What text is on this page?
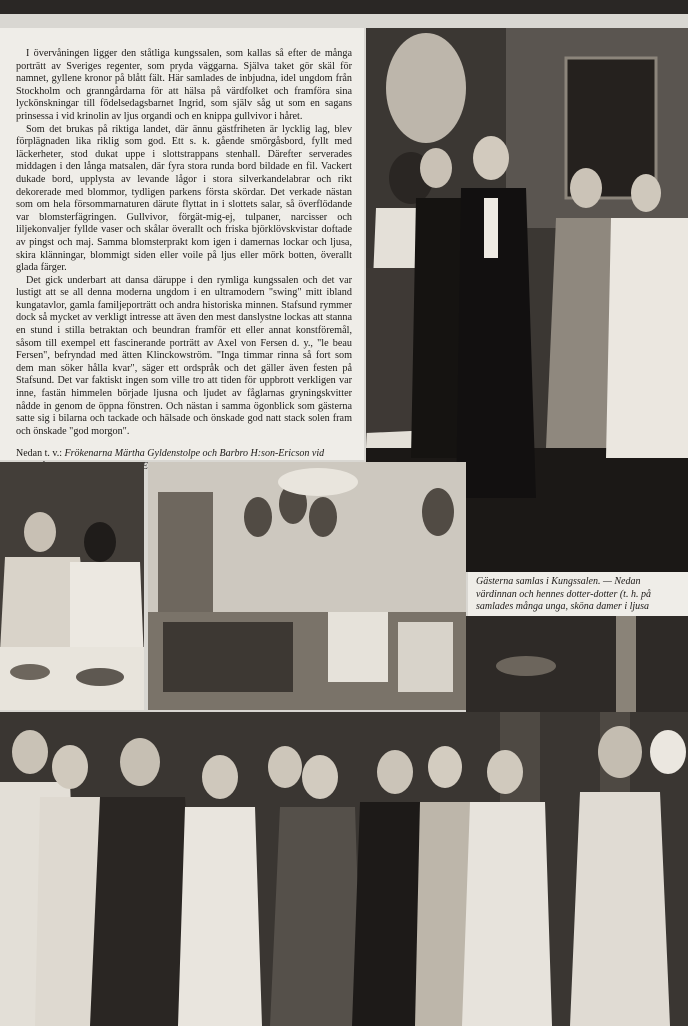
I övervåningen ligger den ståtliga kungssalen, som kallas så efter de många porträtt av Sveriges regenter, som pryda väggarna. Själva taket gör skäl för namnet, gyllene kronor på blått fält. Här samlades de inbjudna, idel ungdom från Stockholm och granngårdarna för att hälsa på värdfolket och framföra sina lyckönskningar till födelsedagsbarnet Ingrid, som själv såg ut som en sagans prinsessa i vid krinolin av ljus organdi och en knippa gullvivor i håret.

Som det brukas på riktiga landet, där ännu gästfriheten är lycklig lag, blev förplägnaden lika riklig som god. Ett s. k. gående smörgåsbord, fyllt med läckerheter, stod dukat uppe i slottstrappans stenhall. Därefter serverades middagen i den långa matsalen, där fyra stora runda bord bildade en fil. Vackert dukade bord, upplysta av levande lågor i stora silverkandelabrar och rikt dekorerade med blommor, tydligen parkens första skördar. Det verkade nästan som om hela försommarnaturen därute flyttat in i slottets salar, så överflödande var blomsterfägringen. Gullvivor, förgät-mig-ej, tulpaner, narcisser och liljekonvaljer fyllde vaser och skålar överallt och friska björklövskvistar doftade av pingst och maj. Samma blomsterprakt kom igen i damernas lockar och ljusa, skira klänningar, blommigt siden eller voile på ljus eller mörk botten, överallt glada färger.

Det gick underbart att dansa däruppe i den rymliga kungssalen och det var lustigt att se all denna moderna ungdom i en ultramodern "swing" mitt ibland kungatavlor, gamla familjeporträtt och andra historiska minnen. Stafsund rymmer dock så mycket av verkligt intresse att även den mest danslystne lockas att stanna en stund i stilla betraktan och beundran framför ett eller annat konstföremål, såsom till exempel ett fascinerande porträtt av Axel von Fersen d. y., "le beau Fersen", befryndad med ätten Klinckowström. "Inga timmar rinna så fort som dem man söker hålla kvar", säger ett ordspråk och det gäller även festen på Stafsund. Det var faktiskt ingen som ville tro att tiden för uppbrott verkligen var inne, fastän himmelen började ljusna och ljudet av fåglarnas gryningskvitter nådde in genom de öppna fönstren. Och nästan i samma ögonblick som gästerna satte sig i bilarna och tackade och hälsade och önskade god natt stack solen fram och önskade "god morgon".

Nedan t. v.: Frökenarna Märtha Gyldenstolpe och Barbro H:son-Ericson vid

Gästerna samlas i Kungssalen. — Nedan
värdinnan och hennes dotter-dotter (t. h. på
samlades många unga, sköna damer i ljusa
